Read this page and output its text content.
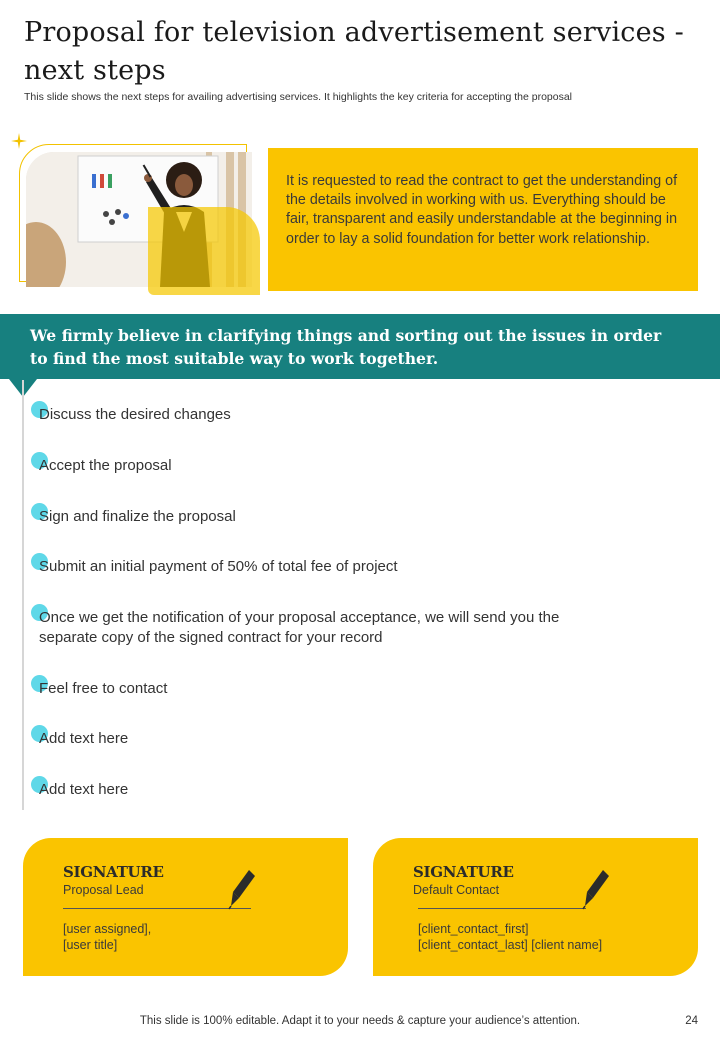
Proposal for television advertisement services - next steps
This slide shows the next steps for availing advertising services. It highlights the key criteria for accepting the proposal
It is requested to read the contract to get the understanding of the details involved in working with us. Everything should be fair, transparent and easily understandable at the beginning in order to lay a solid foundation for better work relationship.
We firmly believe in clarifying things and sorting out the issues in order to find the most suitable way to work together.
Discuss the desired changes
Accept the proposal
Sign and finalize the proposal
Submit an initial payment of 50% of total fee of project
Once we get the notification of your proposal acceptance, we will send you the separate copy of the signed contract for your record
Feel free to contact
Add text here
Add text here
SIGNATURE
Proposal Lead
[user assigned],
[user title]
SIGNATURE
Default Contact
[client_contact_first]
[client_contact_last] [client name]
This slide is 100% editable. Adapt it to your needs & capture your audience’s attention.	24
